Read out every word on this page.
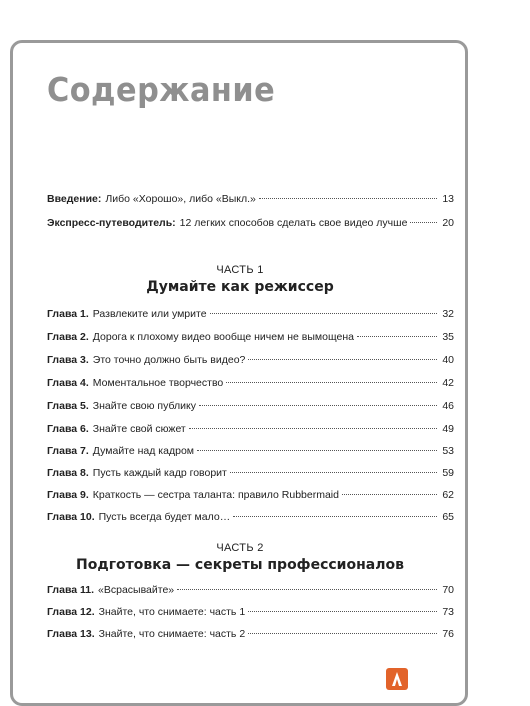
Содержание
Введение: Либо «Хорошо», либо «Выкл.»	13
Экспресс-путеводитель: 12 легких способов сделать свое видео лучше	20
ЧАСТЬ 1
Думайте как режиссер
Глава 1. Развлеките или умрите	32
Глава 2. Дорога к плохому видео вообще ничем не вымощена	35
Глава 3. Это точно должно быть видео?	40
Глава 4. Моментальное творчество	42
Глава 5. Знайте свою публику	46
Глава 6. Знайте свой сюжет	49
Глава 7. Думайте над кадром	53
Глава 8. Пусть каждый кадр говорит	59
Глава 9. Краткость — сестра таланта: правило Rubbermaid	62
Глава 10. Пусть всегда будет мало…	65
ЧАСТЬ 2
Подготовка — секреты профессионалов
Глава 11. «Всрасывайте»	70
Глава 12. Знайте, что снимаете: часть 1	73
Глава 13. Знайте, что снимаете: часть 2	76
